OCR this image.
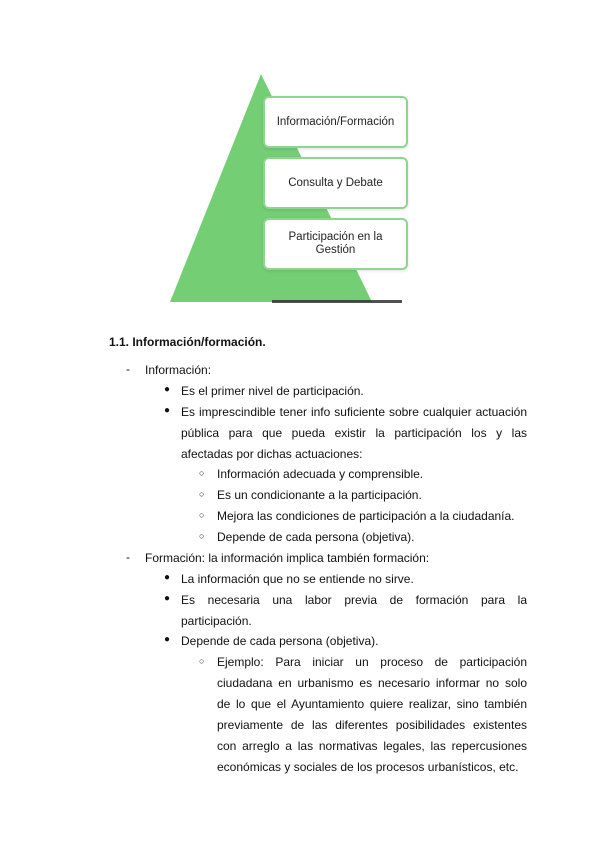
Información/Formación
Consulta y Debate
Participación en la Gestión
1.1. Información/formación.
- Información:
● Es el primer nivel de participación.
● Es imprescindible tener info suficiente sobre cualquier actuación
pública para que pueda existir la participación los y las
afectadas por dichas actuaciones:
○ Información adecuada y comprensible.
○ Es un condicionante a la participación.
○ Mejora las condiciones de participación a la ciudadanía.
○ Depende de cada persona (objetiva).
- Formación: la información implica también formación:
● La información que no se entiende no sirve.
● Es necesaria una labor previa de formación para la
participación.
● Depende de cada persona (objetiva).
○ Ejemplo: Para iniciar un proceso de participación
ciudadana en urbanismo es necesario informar no solo
de lo que el Ayuntamiento quiere realizar, sino también
previamente de las diferentes posibilidades existentes
con arreglo a las normativas legales, las repercusiones
económicas y sociales de los procesos urbanísticos, etc.
